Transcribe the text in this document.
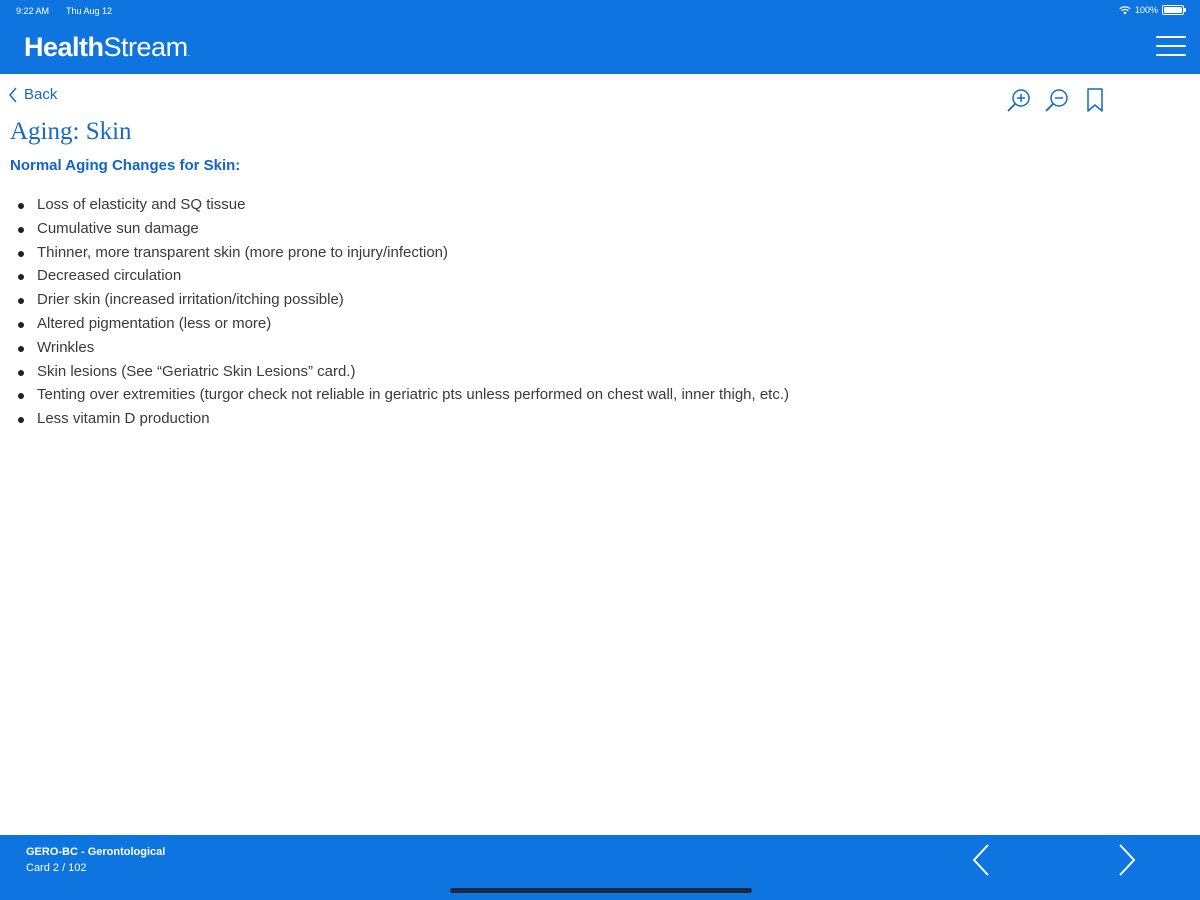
9:22 AM Thu Aug 12	100%
HealthStream.
Back
Aging: Skin
Normal Aging Changes for Skin:
Loss of elasticity and SQ tissue
Cumulative sun damage
Thinner, more transparent skin (more prone to injury/infection)
Decreased circulation
Drier skin (increased irritation/itching possible)
Altered pigmentation (less or more)
Wrinkles
Skin lesions (See “Geriatric Skin Lesions” card.)
Tenting over extremities (turgor check not reliable in geriatric pts unless performed on chest wall, inner thigh, etc.)
Less vitamin D production
GERO-BC - Gerontological
Card 2 / 102
